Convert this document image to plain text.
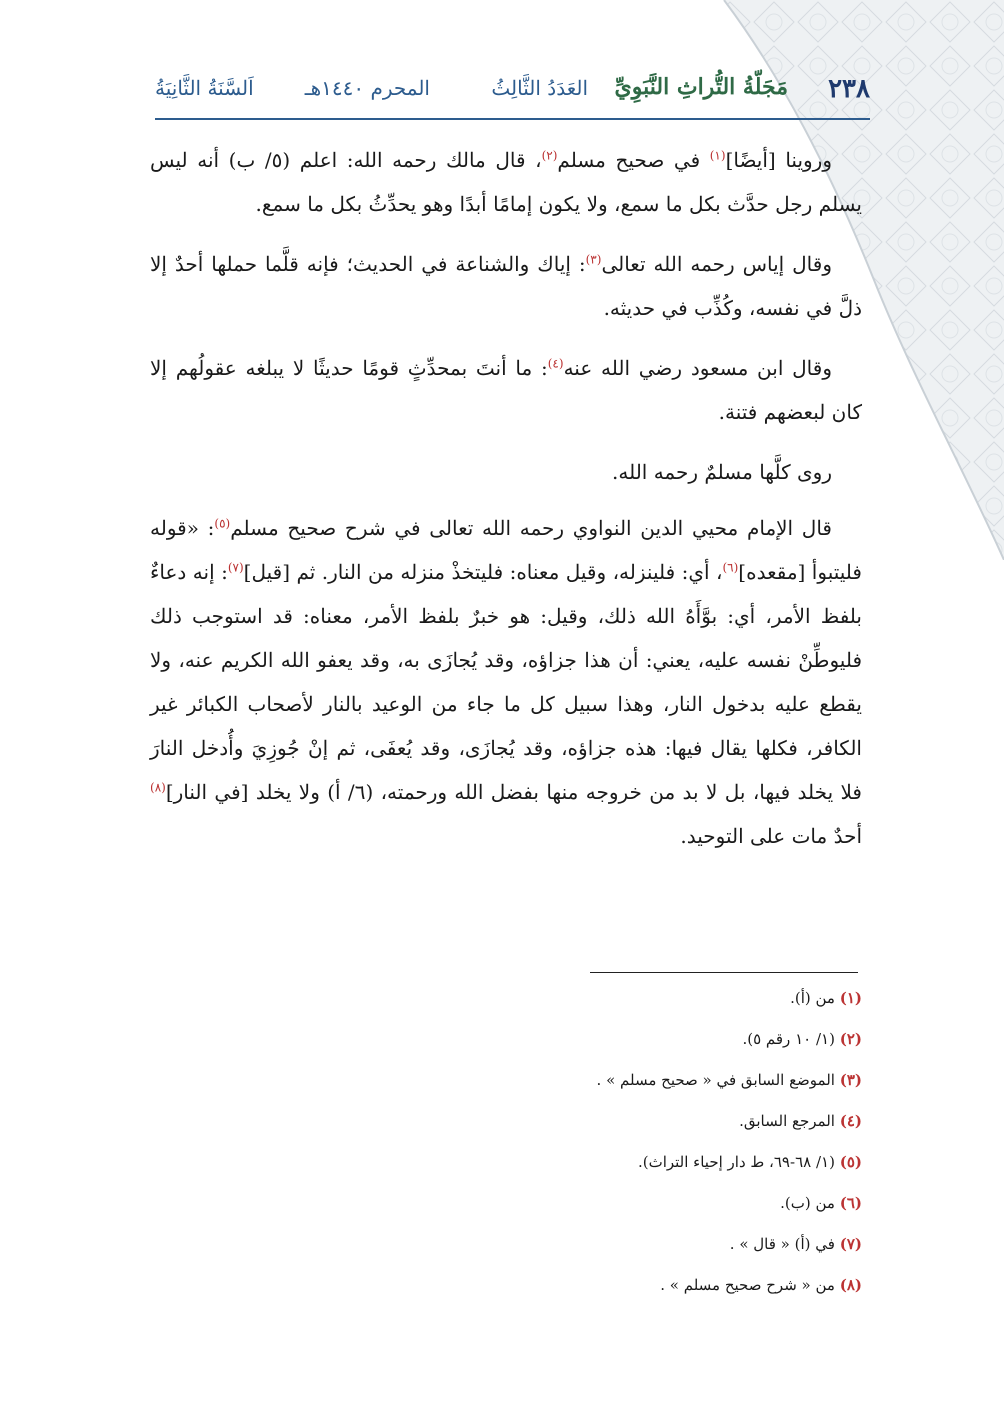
٢٣٨
مَجَلّةُ التُّراثِ النَّبَوِيِّ
العَدَدُ الثَّالِثُ
المحرم ١٤٤٠هـ
اَلسَّنَةُ الثَّانِيَةُ

وروينا [أيضًا]$^{(١)}$ في صحيح مسلم$^{(٢)}$، قال مالك رحمه الله: اعلم (٥/ ب) أنه ليس يسلم رجل حدَّث بكل ما سمع، ولا يكون إمامًا أبدًا وهو يحدِّثُ بكل ما سمع.

وقال إياس رحمه الله تعالى$^{(٣)}$: إياك والشناعة في الحديث؛ فإنه قلَّما حملها أحدٌ إلا ذلَّ في نفسه، وكُذِّب في حديثه.

وقال ابن مسعود رضي الله عنه$^{(٤)}$: ما أنتَ بمحدِّثٍ قومًا حديثًا لا يبلغه عقولُهم إلا كان لبعضهم فتنة.

روى كلَّها مسلمٌ رحمه الله.

قال الإمام محيي الدين النواوي رحمه الله تعالى في شرح صحيح مسلم$^{(٥)}$: «قوله فليتبوأ [مقعده]$^{(٦)}$، أي: فلينزله، وقيل معناه: فليتخذْ منزله من النار. ثم [قيل]$^{(٧)}$: إنه دعاءٌ بلفظ الأمر، أي: بوَّأَهُ الله ذلك، وقيل: هو خبرٌ بلفظ الأمر، معناه: قد استوجب ذلك فليوطِّنْ نفسه عليه، يعني: أن هذا جزاؤه، وقد يُجازَى به، وقد يعفو الله الكريم عنه، ولا يقطع عليه بدخول النار، وهذا سبيل كل ما جاء من الوعيد بالنار لأصحاب الكبائر غير الكافر، فكلها يقال فيها: هذه جزاؤه، وقد يُجازَى، وقد يُعفَى، ثم إنْ جُوزِيَ وأُدخل النارَ فلا يخلد فيها، بل لا بد من خروجه منها بفضل الله ورحمته، (٦/ أ) ولا يخلد [في النار]$^{(٨)}$ أحدٌ مات على التوحيد.

(١) من (أ).
(٢) (١/ ١٠ رقم ٥).
(٣) الموضع السابق في « صحيح مسلم » .
(٤) المرجع السابق.
(٥) (١/ ٦٨-٦٩، ط دار إحياء التراث).
(٦) من (ب).
(٧) في (أ) « قال » .
(٨) من « شرح صحيح مسلم » .
